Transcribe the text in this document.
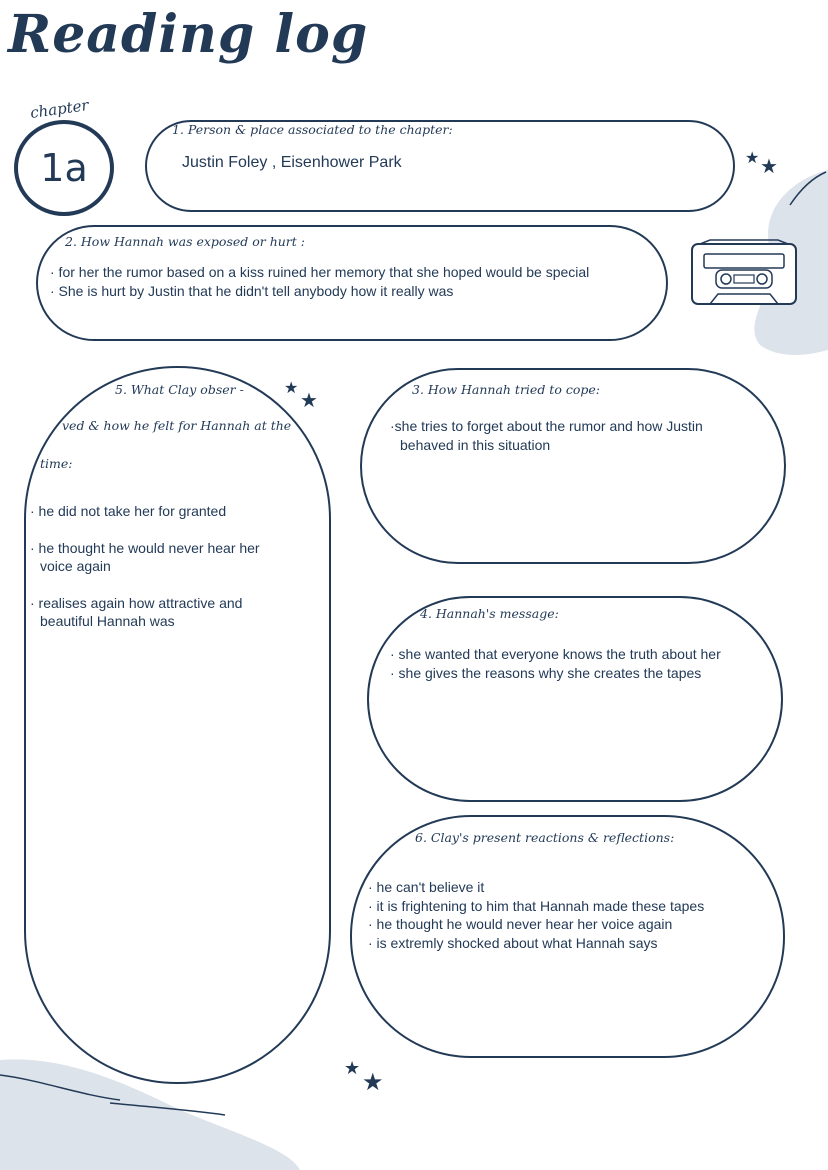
Reading log
chapter
1a
1. Person & place associated to the chapter:
Justin Foley , Eisenhower Park	★ ★
2. How Hannah was exposed or hurt :
· for her the rumor based on a kiss ruined her memory that she hoped would be special
· She is hurt by Justin that he didn't tell anybody how it really was
5. What Clay obser -
ved & how he felt for Hannah at the
time:
· he did not take her for granted
· he thought he would never hear her voice again
· realises again how attractive and beautiful Hannah was
★
★	3. How Hannah tried to cope:
·she tries to forget about the rumor and how Justin behaved in this situation
4. Hannah's message:
· she wanted that everyone knows the truth about her
· she gives the reasons why she creates the tapes
6. Clay's present reactions & reflections:
· he can't believe it
· it is frightening to him that Hannah made these tapes
· he thought he would never hear her voice again
· is extremly shocked about what Hannah says
★ ★
